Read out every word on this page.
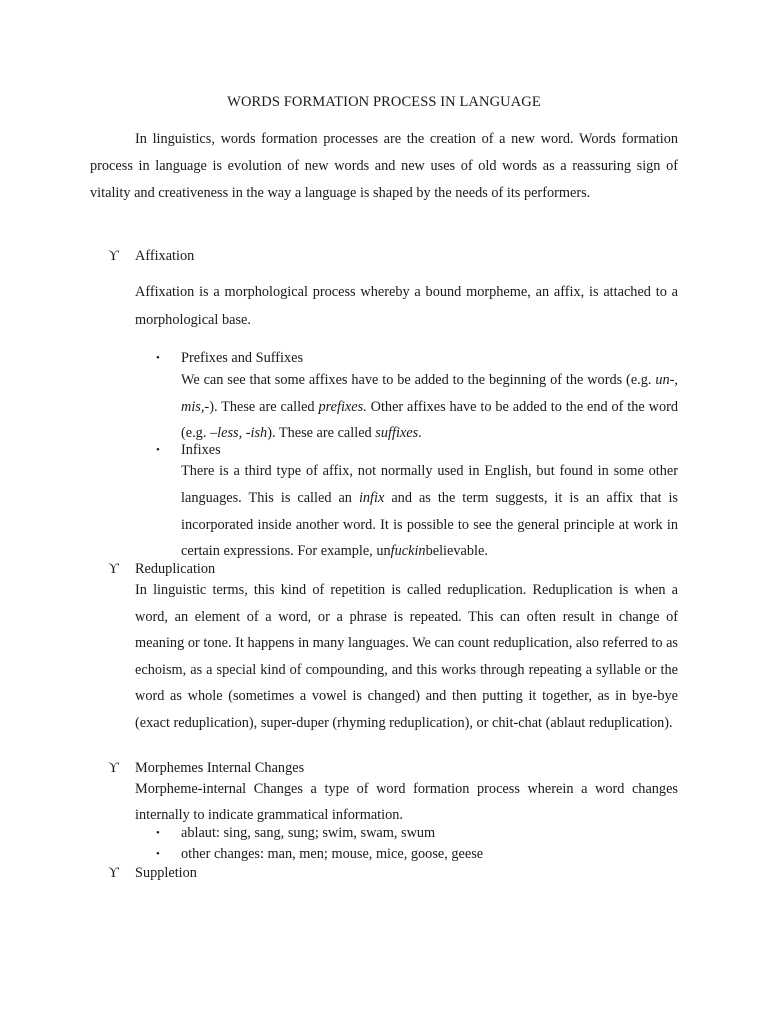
WORDS FORMATION PROCESS IN LANGUAGE
In linguistics, words formation processes are the creation of a new word. Words formation process in language is evolution of new words and new uses of old words as a reassuring sign of vitality and creativeness in the way a language is shaped by the needs of its performers.
ϒ Affixation
Affixation is a morphological process whereby a bound morpheme, an affix, is attached to a morphological base.
• Prefixes and Suffixes
We can see that some affixes have to be added to the beginning of the words (e.g. un-, mis,-). These are called prefixes. Other affixes have to be added to the end of the word (e.g. –less, -ish). These are called suffixes.
• Infixes
There is a third type of affix, not normally used in English, but found in some other languages. This is called an infix and as the term suggests, it is an affix that is incorporated inside another word. It is possible to see the general principle at work in certain expressions. For example, unfuckinbelievable.
ϒ Reduplication
In linguistic terms, this kind of repetition is called reduplication. Reduplication is when a word, an element of a word, or a phrase is repeated. This can often result in change of meaning or tone. It happens in many languages. We can count reduplication, also referred to as echoism, as a special kind of compounding, and this works through repeating a syllable or the word as whole (sometimes a vowel is changed) and then putting it together, as in bye-bye (exact reduplication), super-duper (rhyming reduplication), or chit-chat (ablaut reduplication).
ϒ Morphemes Internal Changes
Morpheme-internal Changes a type of word formation process wherein a word changes internally to indicate grammatical information.
• ablaut: sing, sang, sung; swim, swam, swum
• other changes: man, men; mouse, mice, goose, geese
ϒ Suppletion
